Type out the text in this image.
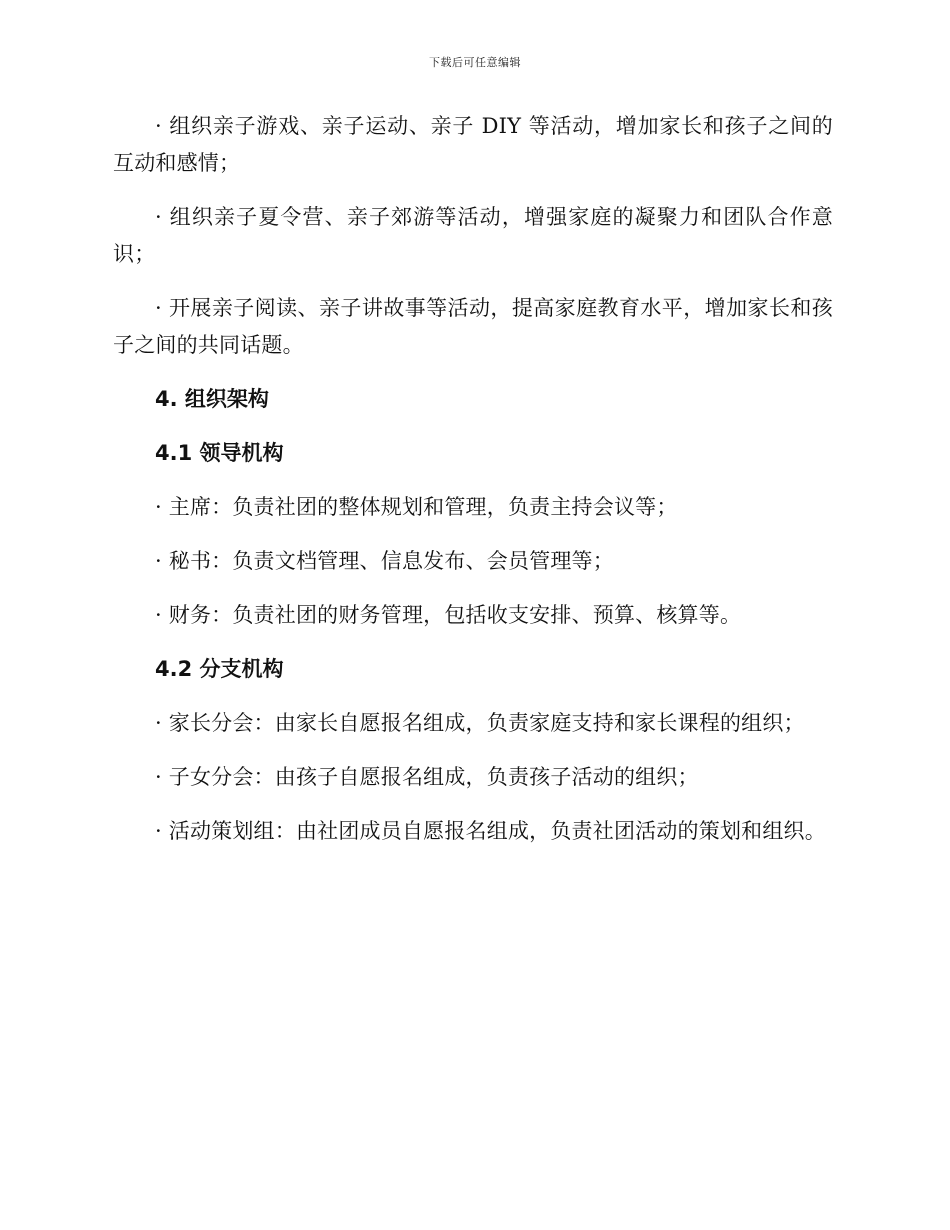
下载后可任意编辑

· 组织亲子游戏、亲子运动、亲子 DIY 等活动，增加家长和孩子之间的互动和感情；

· 组织亲子夏令营、亲子郊游等活动，增强家庭的凝聚力和团队合作意识；

· 开展亲子阅读、亲子讲故事等活动，提高家庭教育水平，增加家长和孩子之间的共同话题。

4. 组织架构

4.1 领导机构

· 主席：负责社团的整体规划和管理，负责主持会议等；

· 秘书：负责文档管理、信息发布、会员管理等；

· 财务：负责社团的财务管理，包括收支安排、预算、核算等。

4.2 分支机构

· 家长分会：由家长自愿报名组成，负责家庭支持和家长课程的组织；

· 子女分会：由孩子自愿报名组成，负责孩子活动的组织；

· 活动策划组：由社团成员自愿报名组成，负责社团活动的策划和组织。
